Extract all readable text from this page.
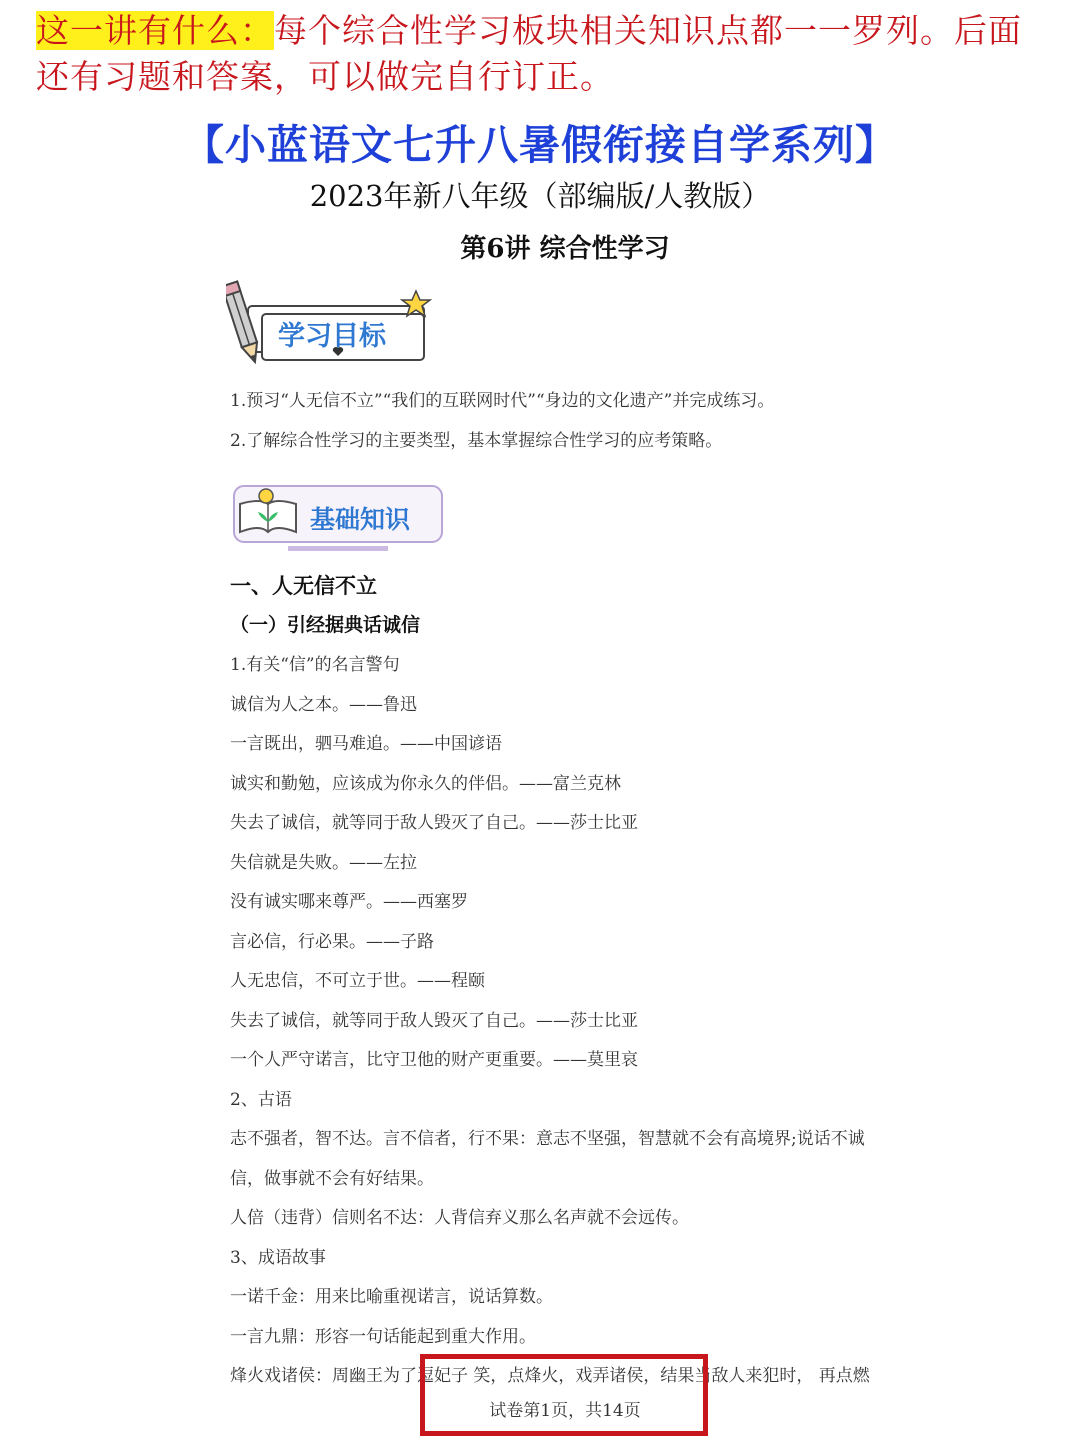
这一讲有什么：每个综合性学习板块相关知识点都一一罗列。后面还有习题和答案，可以做完自行订正。
【小蓝语文七升八暑假衔接自学系列】
2023年新八年级（部编版/人教版）
第6讲 综合性学习
学习目标
1.预习“人无信不立”“我们的互联网时代”“身边的文化遗产”并完成练习。
2.了解综合性学习的主要类型，基本掌握综合性学习的应考策略。
基础知识
一、人无信不立
（一）引经据典话诚信
1.有关“信”的名言警句
诚信为人之本。——鲁迅
一言既出，驷马难追。——中国谚语
诚实和勤勉，应该成为你永久的伴侣。——富兰克林
失去了诚信，就等同于敌人毁灭了自己。——莎士比亚
失信就是失败。——左拉
没有诚实哪来尊严。——西塞罗
言必信，行必果。——子路
人无忠信，不可立于世。——程颐
失去了诚信，就等同于敌人毁灭了自己。——莎士比亚
一个人严守诺言，比守卫他的财产更重要。——莫里哀
2、古语
志不强者，智不达。言不信者，行不果：意志不坚强，智慧就不会有高境界;说话不诚
信，做事就不会有好结果。
人倍（违背）信则名不达：人背信弃义那么名声就不会远传。
3、成语故事
一诺千金：用来比喻重视诺言，说话算数。
一言九鼎：形容一句话能起到重大作用。
烽火戏诸侯：周幽王为了逗妃子 笑，点烽火，戏弄诸侯，结果当敌人来犯时， 再点燃
试卷第1页，共14页
